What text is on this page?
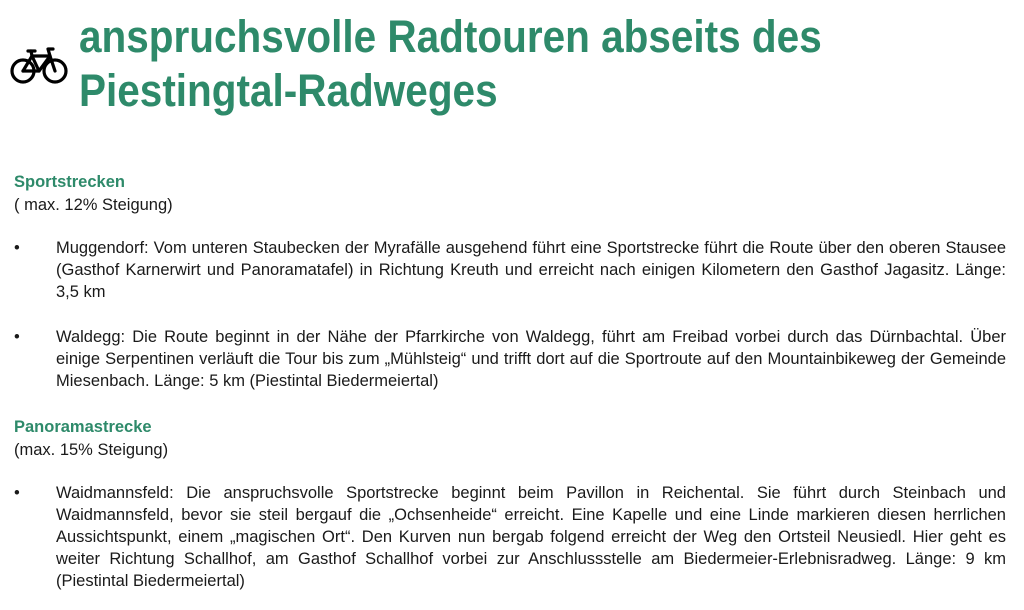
anspruchsvolle Radtouren abseits des
Piestingtal-Radweges
Sportstrecken
( max. 12% Steigung)
•	Muggendorf: Vom unteren Staubecken der Myrafälle ausgehend führt eine Sportstrecke führt die Route über den oberen Stausee (Gasthof Karnerwirt und Panoramatafel) in Richtung Kreuth und erreicht nach einigen Kilometern den Gasthof Jagasitz. Länge: 3,5 km
•	Waldegg: Die Route beginnt in der Nähe der Pfarrkirche von Waldegg, führt am Freibad vorbei durch das Dürnbachtal. Über einige Serpentinen verläuft die Tour bis zum „Mühlsteig“ und trifft dort auf die Sportroute auf den Mountainbikeweg der Gemeinde Miesenbach. Länge: 5 km (Piestintal Biedermeiertal)
Panoramastrecke
(max. 15% Steigung)
•	Waidmannsfeld: Die anspruchsvolle Sportstrecke beginnt beim Pavillon in Reichental. Sie führt durch Steinbach und Waidmannsfeld, bevor sie steil bergauf die „Ochsenheide“ erreicht. Eine Kapelle und eine Linde markieren diesen herrlichen Aussichtspunkt, einem „magischen Ort“. Den Kurven nun bergab folgend erreicht der Weg den Ortsteil Neusiedl. Hier geht es weiter Richtung Schallhof, am Gasthof Schallhof vorbei zur Anschlussstelle am Biedermeier-Erlebnisradweg. Länge: 9 km (Piestintal Biedermeiertal)
